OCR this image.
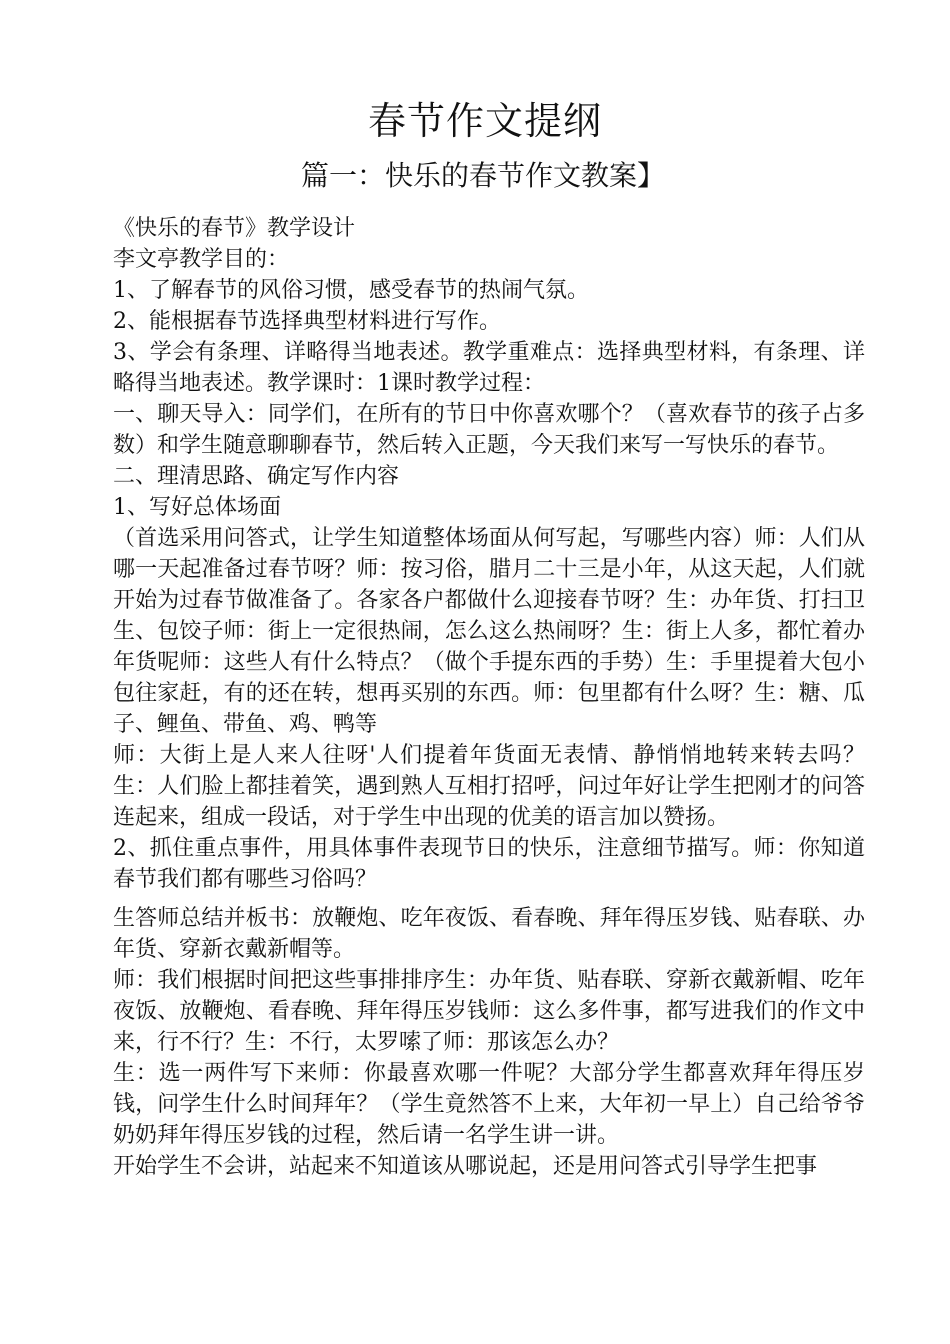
春节作文提纲
篇一：快乐的春节作文教案】

《快乐的春节》教学设计

李文亭教学目的：

1、了解春节的风俗习惯，感受春节的热闹气氛。

2、能根据春节选择典型材料进行写作。

3、学会有条理、详略得当地表述。教学重难点：选择典型材料，有条理、详略得当地表述。教学课时：1课时教学过程：

一、聊天导入：同学们，在所有的节日中你喜欢哪个？（喜欢春节的孩子占多数）和学生随意聊聊春节，然后转入正题，今天我们来写一写快乐的春节。

二、理清思路、确定写作内容

1、写好总体场面

（首选采用问答式，让学生知道整体场面从何写起，写哪些内容）师：人们从哪一天起准备过春节呀？师：按习俗，腊月二十三是小年，从这天起，人们就开始为过春节做准备了。各家各户都做什么迎接春节呀？生：办年货、打扫卫生、包饺子师：街上一定很热闹，怎么这么热闹呀？生：街上人多，都忙着办年货呢师：这些人有什么特点？（做个手提东西的手势）生：手里提着大包小包往家赶，有的还在转，想再买别的东西。师：包里都有什么呀？生：糖、瓜子、鲤鱼、带鱼、鸡、鸭等

师：大街上是人来人往呀'人们提着年货面无表情、静悄悄地转来转去吗？生：人们脸上都挂着笑，遇到熟人互相打招呼，问过年好让学生把刚才的问答连起来，组成一段话，对于学生中出现的优美的语言加以赞扬。

2、抓住重点事件，用具体事件表现节日的快乐，注意细节描写。师：你知道春节我们都有哪些习俗吗？

生答师总结并板书：放鞭炮、吃年夜饭、看春晚、拜年得压岁钱、贴春联、办年货、穿新衣戴新帽等。

师：我们根据时间把这些事排排序生：办年货、贴春联、穿新衣戴新帽、吃年夜饭、放鞭炮、看春晚、拜年得压岁钱师：这么多件事，都写进我们的作文中来，行不行？生：不行，太罗嗦了师：那该怎么办？

生：选一两件写下来师：你最喜欢哪一件呢？大部分学生都喜欢拜年得压岁钱，问学生什么时间拜年？（学生竟然答不上来，大年初一早上）自己给爷爷奶奶拜年得压岁钱的过程，然后请一名学生讲一讲。

开始学生不会讲，站起来不知道该从哪说起，还是用问答式引导学生把事
